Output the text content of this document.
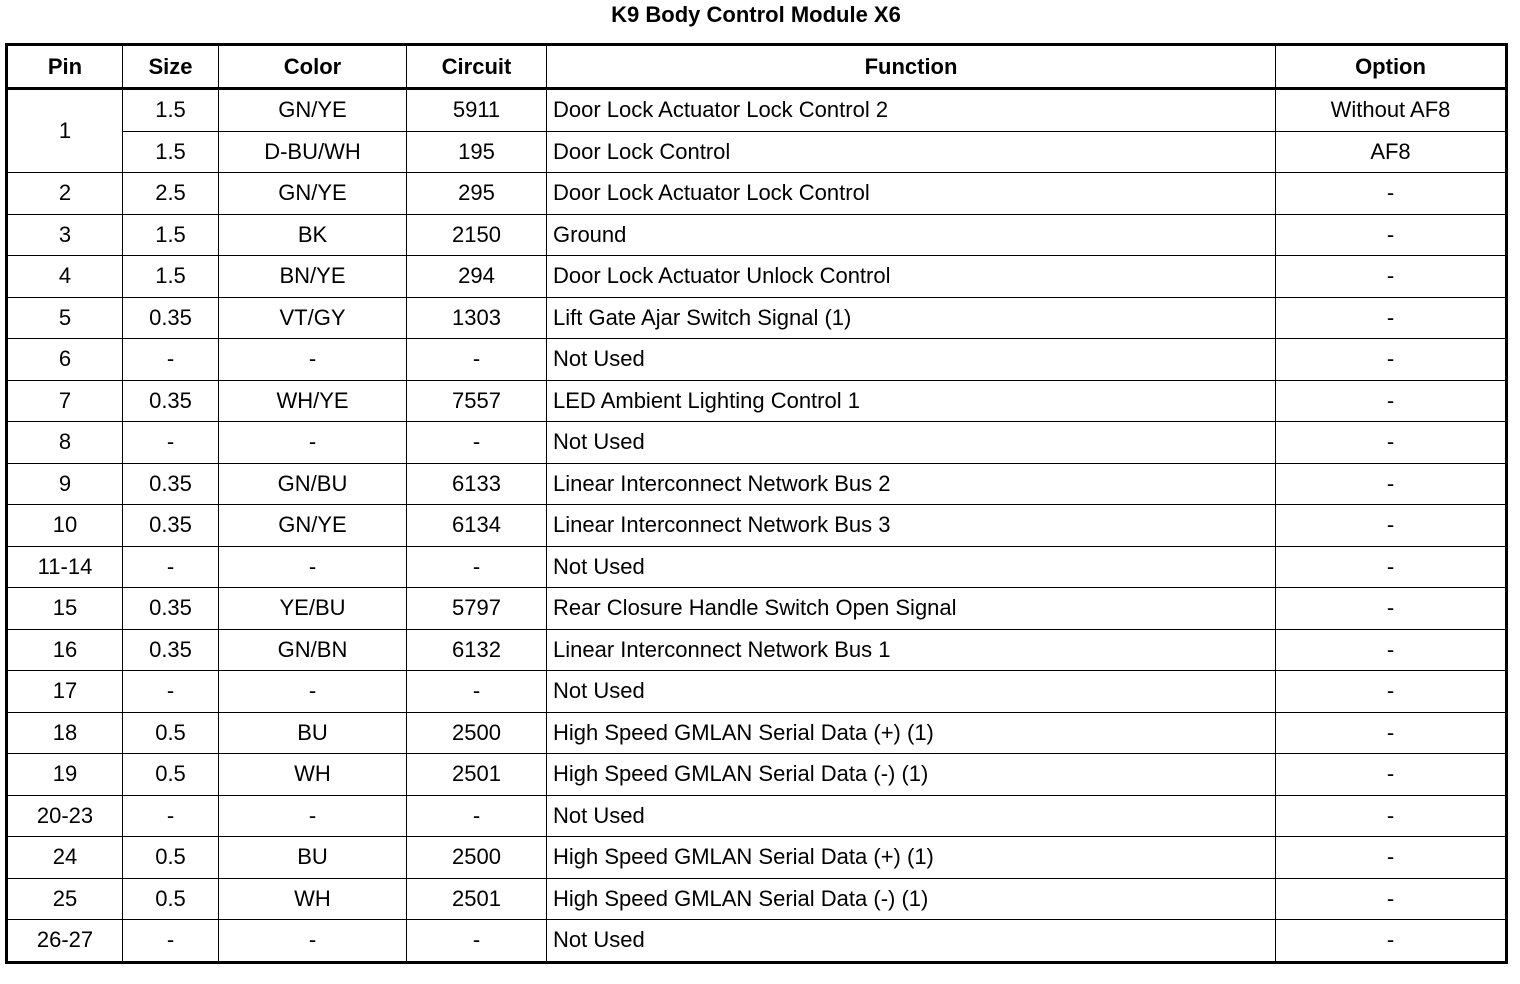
K9 Body Control Module X6
Pin	Size	Color	Circuit	Function	Option
1	1.5	GN/YE	5911	Door Lock Actuator Lock Control 2	Without AF8
	1.5	D-BU/WH	195	Door Lock Control	AF8
2	2.5	GN/YE	295	Door Lock Actuator Lock Control	-
3	1.5	BK	2150	Ground	-
4	1.5	BN/YE	294	Door Lock Actuator Unlock Control	-
5	0.35	VT/GY	1303	Lift Gate Ajar Switch Signal (1)	-
6	-	-	-	Not Used	-
7	0.35	WH/YE	7557	LED Ambient Lighting Control 1	-
8	-	-	-	Not Used	-
9	0.35	GN/BU	6133	Linear Interconnect Network Bus 2	-
10	0.35	GN/YE	6134	Linear Interconnect Network Bus 3	-
11-14	-	-	-	Not Used	-
15	0.35	YE/BU	5797	Rear Closure Handle Switch Open Signal	-
16	0.35	GN/BN	6132	Linear Interconnect Network Bus 1	-
17	-	-	-	Not Used	-
18	0.5	BU	2500	High Speed GMLAN Serial Data (+) (1)	-
19	0.5	WH	2501	High Speed GMLAN Serial Data (-) (1)	-
20-23	-	-	-	Not Used	-
24	0.5	BU	2500	High Speed GMLAN Serial Data (+) (1)	-
25	0.5	WH	2501	High Speed GMLAN Serial Data (-) (1)	-
26-27	-	-	-	Not Used	-
